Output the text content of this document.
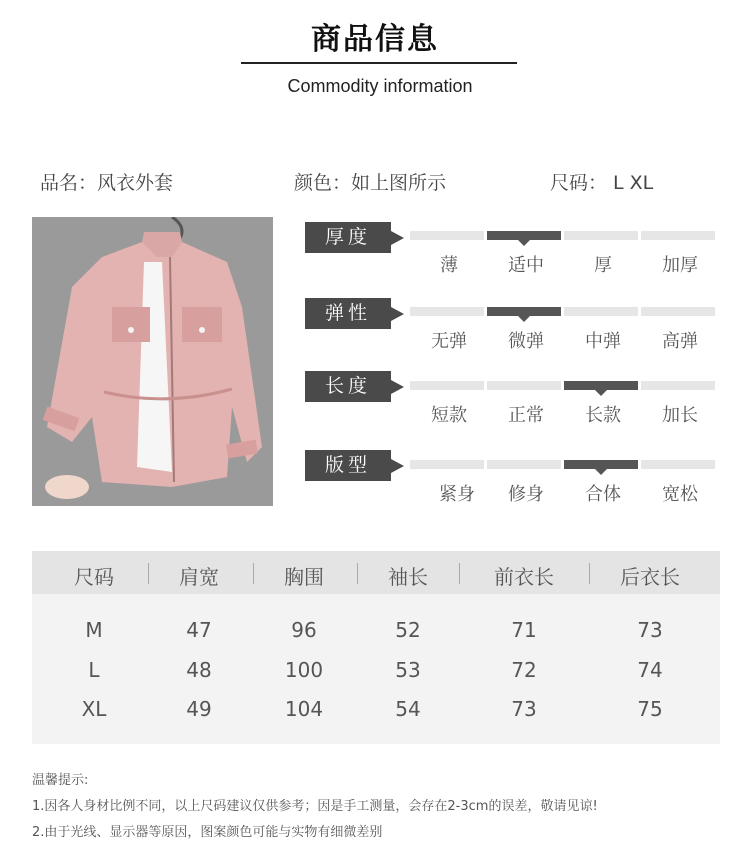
商品信息
Commodity information
品名：风衣外套	颜色：如上图所示	尺码： L XL
厚度
薄	适中	厚	加厚
弹性
无弹	微弹	中弹	高弹
长度
短款	正常	长款	加长
版型
紧身	修身	合体	宽松
尺码	肩宽	胸围	袖长	前衣长	后衣长
M	47	96	52	71	73
L	48	100	53	72	74
XL	49	104	54	73	75
温馨提示:
1.因各人身材比例不同，以上尺码建议仅供参考；因是手工测量，会存在2-3cm的误差，敬请见谅!
2.由于光线、显示器等原因，图案颜色可能与实物有细微差别
